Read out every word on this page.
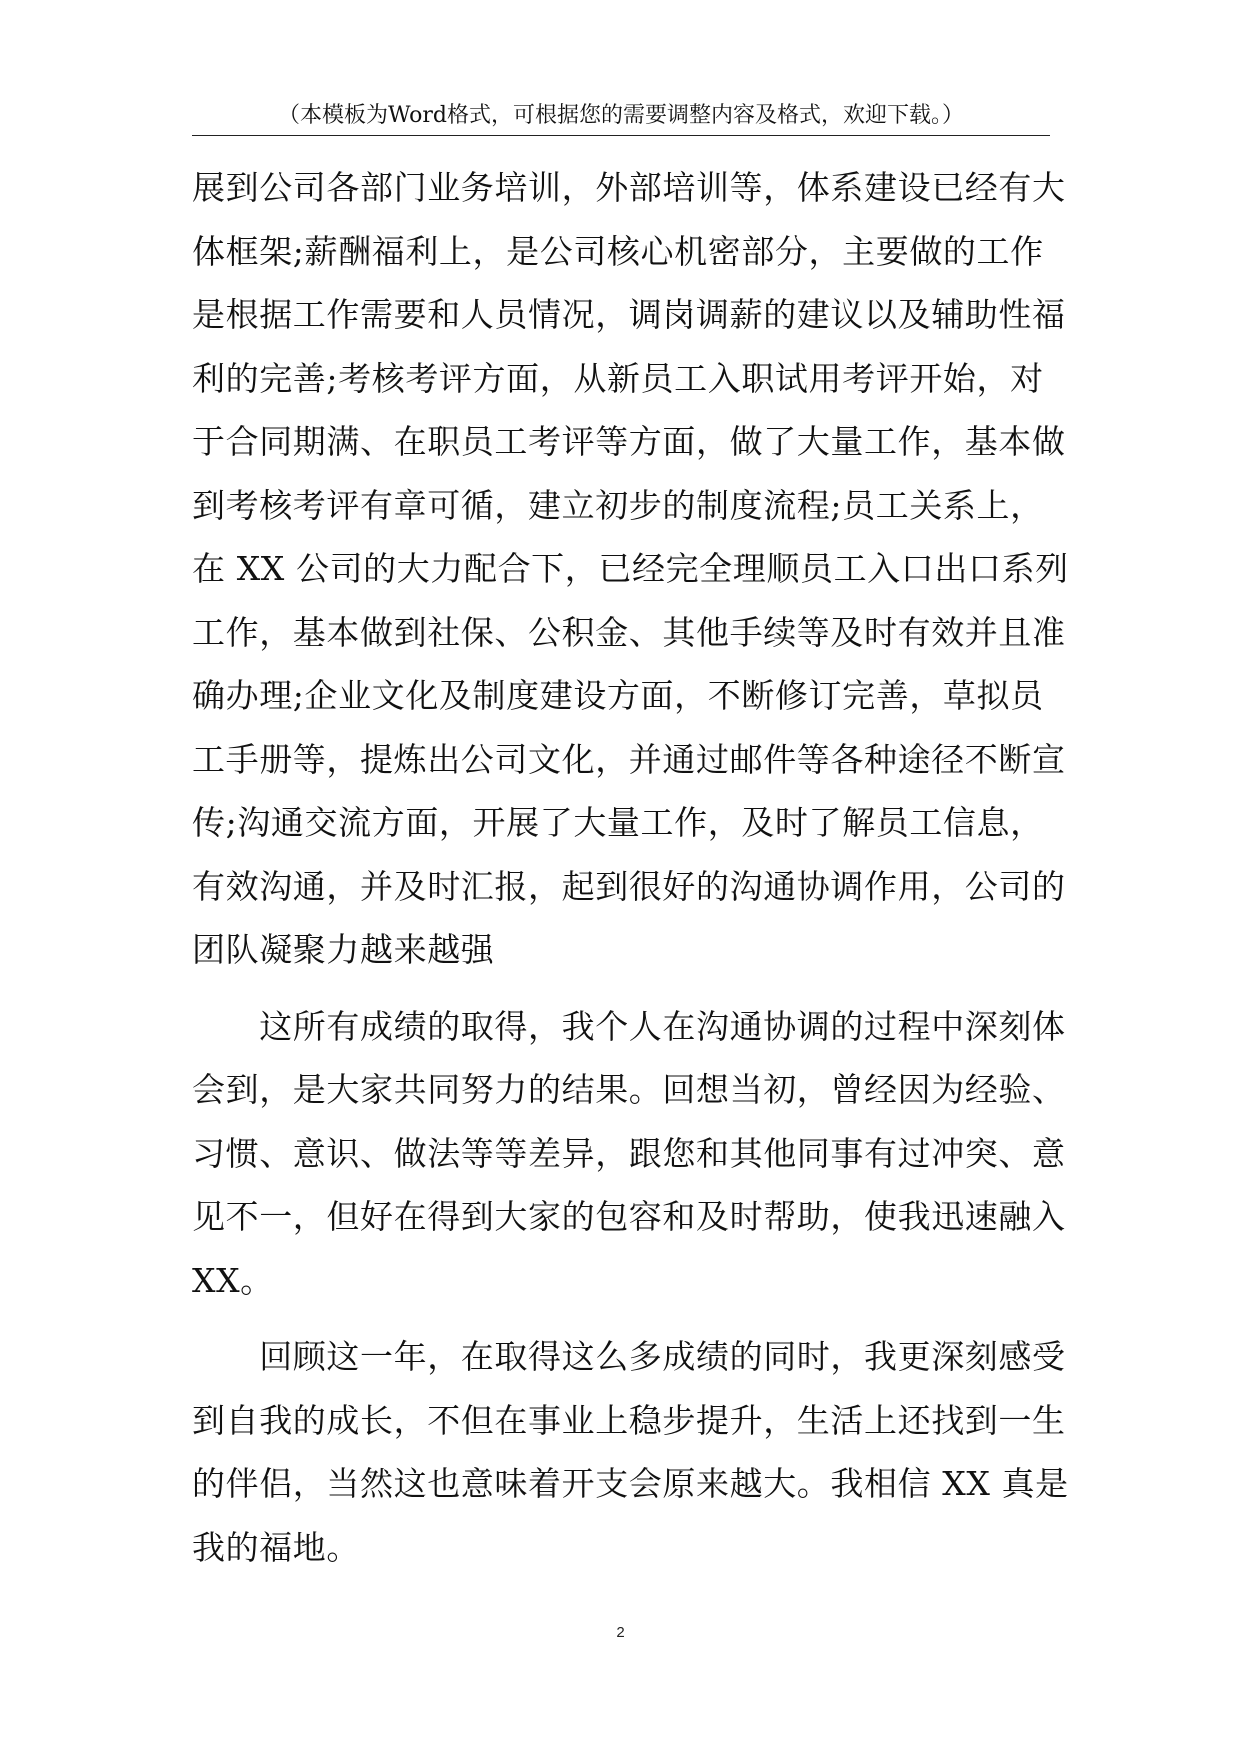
（本模板为Word格式，可根据您的需要调整内容及格式，欢迎下载。）
展到公司各部门业务培训，外部培训等，体系建设已经有大
体框架;薪酬福利上，是公司核心机密部分，主要做的工作
是根据工作需要和人员情况，调岗调薪的建议以及辅助性福
利的完善;考核考评方面，从新员工入职试用考评开始，对
于合同期满、在职员工考评等方面，做了大量工作，基本做
到考核考评有章可循，建立初步的制度流程;员工关系上，
在 XX 公司的大力配合下，已经完全理顺员工入口出口系列
工作，基本做到社保、公积金、其他手续等及时有效并且准
确办理;企业文化及制度建设方面，不断修订完善，草拟员
工手册等，提炼出公司文化，并通过邮件等各种途径不断宣
传;沟通交流方面，开展了大量工作，及时了解员工信息，
有效沟通，并及时汇报，起到很好的沟通协调作用，公司的
团队凝聚力越来越强
　　这所有成绩的取得，我个人在沟通协调的过程中深刻体
会到，是大家共同努力的结果。回想当初，曾经因为经验、
习惯、意识、做法等等差异，跟您和其他同事有过冲突、意
见不一，但好在得到大家的包容和及时帮助，使我迅速融入
XX。
　　回顾这一年，在取得这么多成绩的同时，我更深刻感受
到自我的成长，不但在事业上稳步提升，生活上还找到一生
的伴侣，当然这也意味着开支会原来越大。我相信 XX 真是
我的福地。
2
